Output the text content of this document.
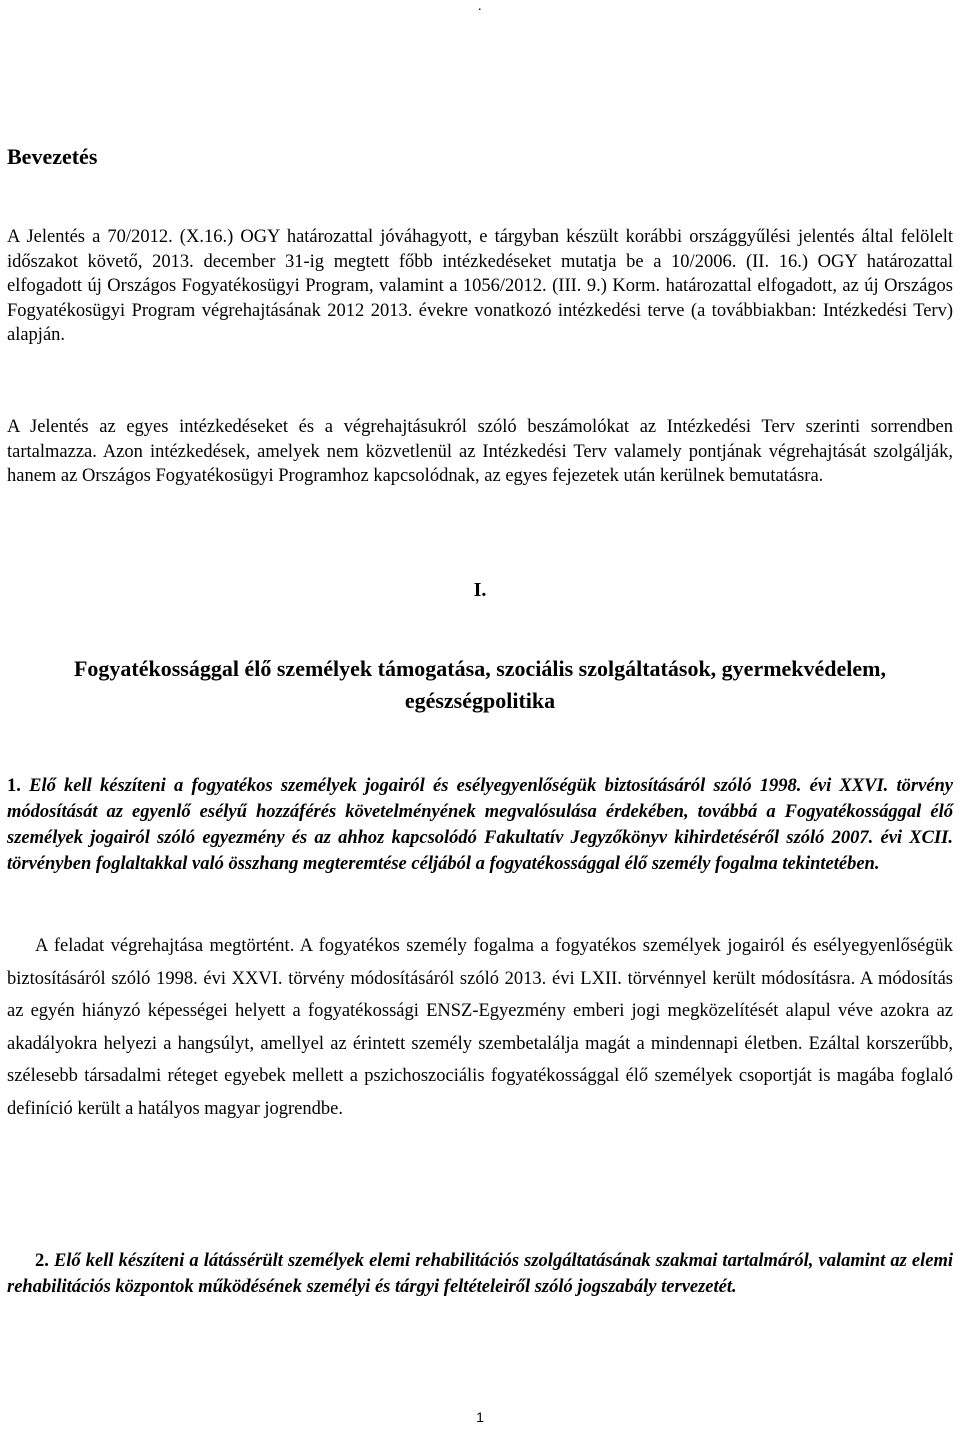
.
Bevezetés
A Jelentés a 70/2012. (X.16.) OGY határozattal jóváhagyott, e tárgyban készült korábbi országgyűlési jelentés által felölelt időszakot követő, 2013. december 31-ig megtett főbb intézkedéseket mutatja be a 10/2006. (II. 16.) OGY határozattal elfogadott új Országos Fogyatékosügyi Program, valamint a 1056/2012. (III. 9.) Korm. határozattal elfogadott, az új Országos Fogyatékosügyi Program végrehajtásának 2012 2013. évekre vonatkozó intézkedési terve (a továbbiakban: Intézkedési Terv) alapján.
A Jelentés az egyes intézkedéseket és a végrehajtásukról szóló beszámolókat az Intézkedési Terv szerinti sorrendben tartalmazza. Azon intézkedések, amelyek nem közvetlenül az Intézkedési Terv valamely pontjának végrehajtását szolgálják, hanem az Országos Fogyatékosügyi Programhoz kapcsolódnak, az egyes fejezetek után kerülnek bemutatásra.
I.
Fogyatékossággal élő személyek támogatása, szociális szolgáltatások, gyermekvédelem, egészségpolitika
1. Elő kell készíteni a fogyatékos személyek jogairól és esélyegyenlőségük biztosításáról szóló 1998. évi XXVI. törvény módosítását az egyenlő esélyű hozzáférés követelményének megvalósulása érdekében, továbbá a Fogyatékossággal élő személyek jogairól szóló egyezmény és az ahhoz kapcsolódó Fakultatív Jegyzőkönyv kihirdetéséről szóló 2007. évi XCII. törvényben foglaltakkal való összhang megteremtése céljából a fogyatékossággal élő személy fogalma tekintetében.
A feladat végrehajtása megtörtént. A fogyatékos személy fogalma a fogyatékos személyek jogairól és esélyegyenlőségük biztosításáról szóló 1998. évi XXVI. törvény módosításáról szóló 2013. évi LXII. törvénnyel került módosításra. A módosítás az egyén hiányzó képességei helyett a fogyatékossági ENSZ-Egyezmény emberi jogi megközelítését alapul véve azokra az akadályokra helyezi a hangsúlyt, amellyel az érintett személy szembetalálja magát a mindennapi életben. Ezáltal korszerűbb, szélesebb társadalmi réteget egyebek mellett a pszichoszociális fogyatékossággal élő személyek csoportját is magába foglaló definíció került a hatályos magyar jogrendbe.
2. Elő kell készíteni a látássérült személyek elemi rehabilitációs szolgáltatásának szakmai tartalmáról, valamint az elemi rehabilitációs központok működésének személyi és tárgyi feltételeiről szóló jogszabály tervezetét.
1
